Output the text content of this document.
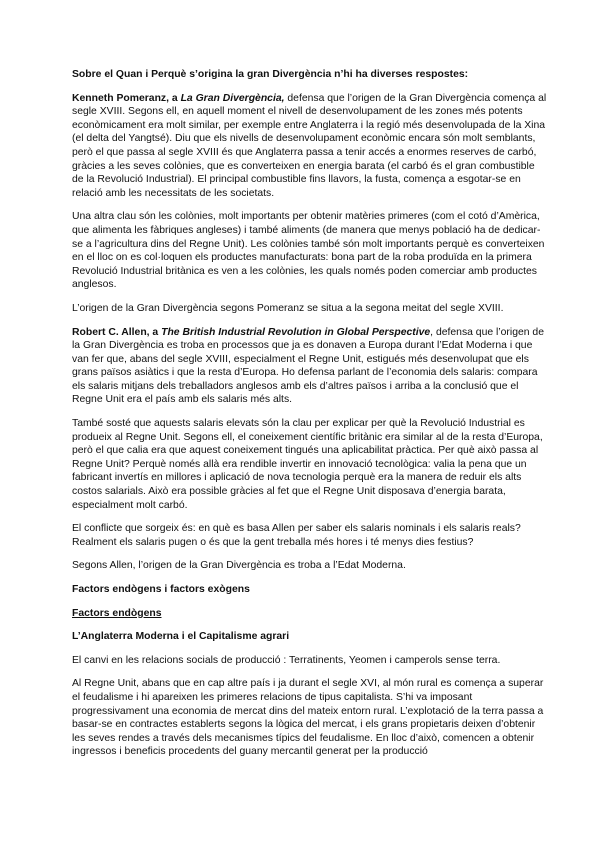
Sobre el Quan i Perquè s’origina la gran Divergència n’hi ha diverses respostes:

Kenneth Pomeranz, a La Gran Divergència, defensa que l’origen de la Gran Divergència comença al segle XVIII. Segons ell, en aquell moment el nivell de desenvolupament de les zones més potents econòmicament era molt similar, per exemple entre Anglaterra i la regió més desenvolupada de la Xina (el delta del Yangtsé). Diu que els nivells de desenvolupament econòmic encara són molt semblants, però el que passa al segle XVIII és que Anglaterra passa a tenir accés a enormes reserves de carbó, gràcies a les seves colònies, que es converteixen en energia barata (el carbó és el gran combustible de la Revolució Industrial). El principal combustible fins llavors, la fusta, comença a esgotar-se en relació amb les necessitats de les societats.

Una altra clau són les colònies, molt importants per obtenir matèries primeres (com el cotó d’Amèrica, que alimenta les fàbriques angleses) i també aliments (de manera que menys població ha de dedicar-se a l’agricultura dins del Regne Unit). Les colònies també són molt importants perquè es converteixen en el lloc on es col·loquen els productes manufacturats: bona part de la roba produïda en la primera Revolució Industrial britànica es ven a les colònies, les quals només poden comerciar amb productes anglesos.

L’origen de la Gran Divergència segons Pomeranz se situa a la segona meitat del segle XVIII.

Robert C. Allen, a The British Industrial Revolution in Global Perspective, defensa que l’origen de la Gran Divergència es troba en processos que ja es donaven a Europa durant l’Edat Moderna i que van fer que, abans del segle XVIII, especialment el Regne Unit, estigués més desenvolupat que els grans països asiàtics i que la resta d’Europa. Ho defensa parlant de l’economia dels salaris: compara els salaris mitjans dels treballadors anglesos amb els d’altres països i arriba a la conclusió que el Regne Unit era el país amb els salaris més alts.

També sosté que aquests salaris elevats són la clau per explicar per què la Revolució Industrial es produeix al Regne Unit. Segons ell, el coneixement científic britànic era similar al de la resta d’Europa, però el que calia era que aquest coneixement tingués una aplicabilitat pràctica. Per què això passa al Regne Unit? Perquè només allà era rendible invertir en innovació tecnològica: valia la pena que un fabricant invertís en millores i aplicació de nova tecnologia perquè era la manera de reduir els alts costos salarials. Això era possible gràcies al fet que el Regne Unit disposava d’energia barata, especialment molt carbó.

El conflicte que sorgeix és: en què es basa Allen per saber els salaris nominals i els salaris reals? Realment els salaris pugen o és que la gent treballa més hores i té menys dies festius?

Segons Allen, l’origen de la Gran Divergència es troba a l’Edat Moderna.

Factors endògens i factors exògens

Factors endògens

L’Anglaterra Moderna i el Capitalisme agrari

El canvi en les relacions socials de producció : Terratinents, Yeomen i camperols sense terra.

Al Regne Unit, abans que en cap altre país i ja durant el segle XVI, al món rural es comença a superar el feudalisme i hi apareixen les primeres relacions de tipus capitalista. S’hi va imposant progressivament una economia de mercat dins del mateix entorn rural. L’explotació de la terra passa a basar-se en contractes establerts segons la lògica del mercat, i els grans propietaris deixen d’obtenir les seves rendes a través dels mecanismes típics del feudalisme. En lloc d’això, comencen a obtenir ingressos i beneficis procedents del guany mercantil generat per la producció
